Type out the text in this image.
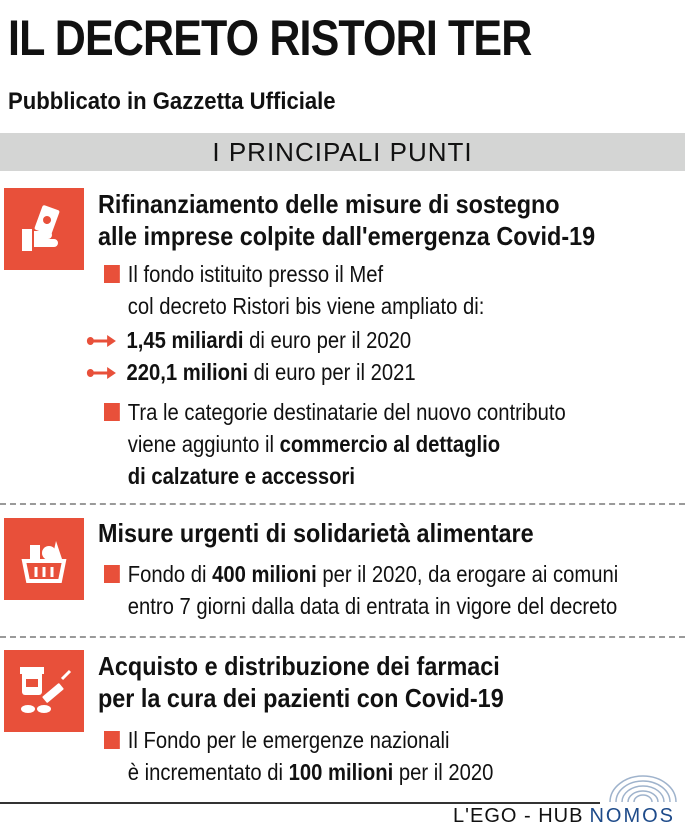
IL DECRETO RISTORI TER
Pubblicato in Gazzetta Ufficiale
I PRINCIPALI PUNTI
Rifinanziamento delle misure di sostegno
alle imprese colpite dall'emergenza Covid-19
Il fondo istituito presso il Mef
col decreto Ristori bis viene ampliato di:
1,45 miliardi di euro per il 2020
220,1 milioni di euro per il 2021
Tra le categorie destinatarie del nuovo contributo
viene aggiunto il commercio al dettaglio
di calzature e accessori
Misure urgenti di solidarietà alimentare
Fondo di 400 milioni per il 2020, da erogare ai comuni
entro 7 giorni dalla data di entrata in vigore del decreto
Acquisto e distribuzione dei farmaci
per la cura dei pazienti con Covid-19
Il Fondo per le emergenze nazionali
è incrementato di 100 milioni per il 2020
L'EGO - HUB NOMOS
